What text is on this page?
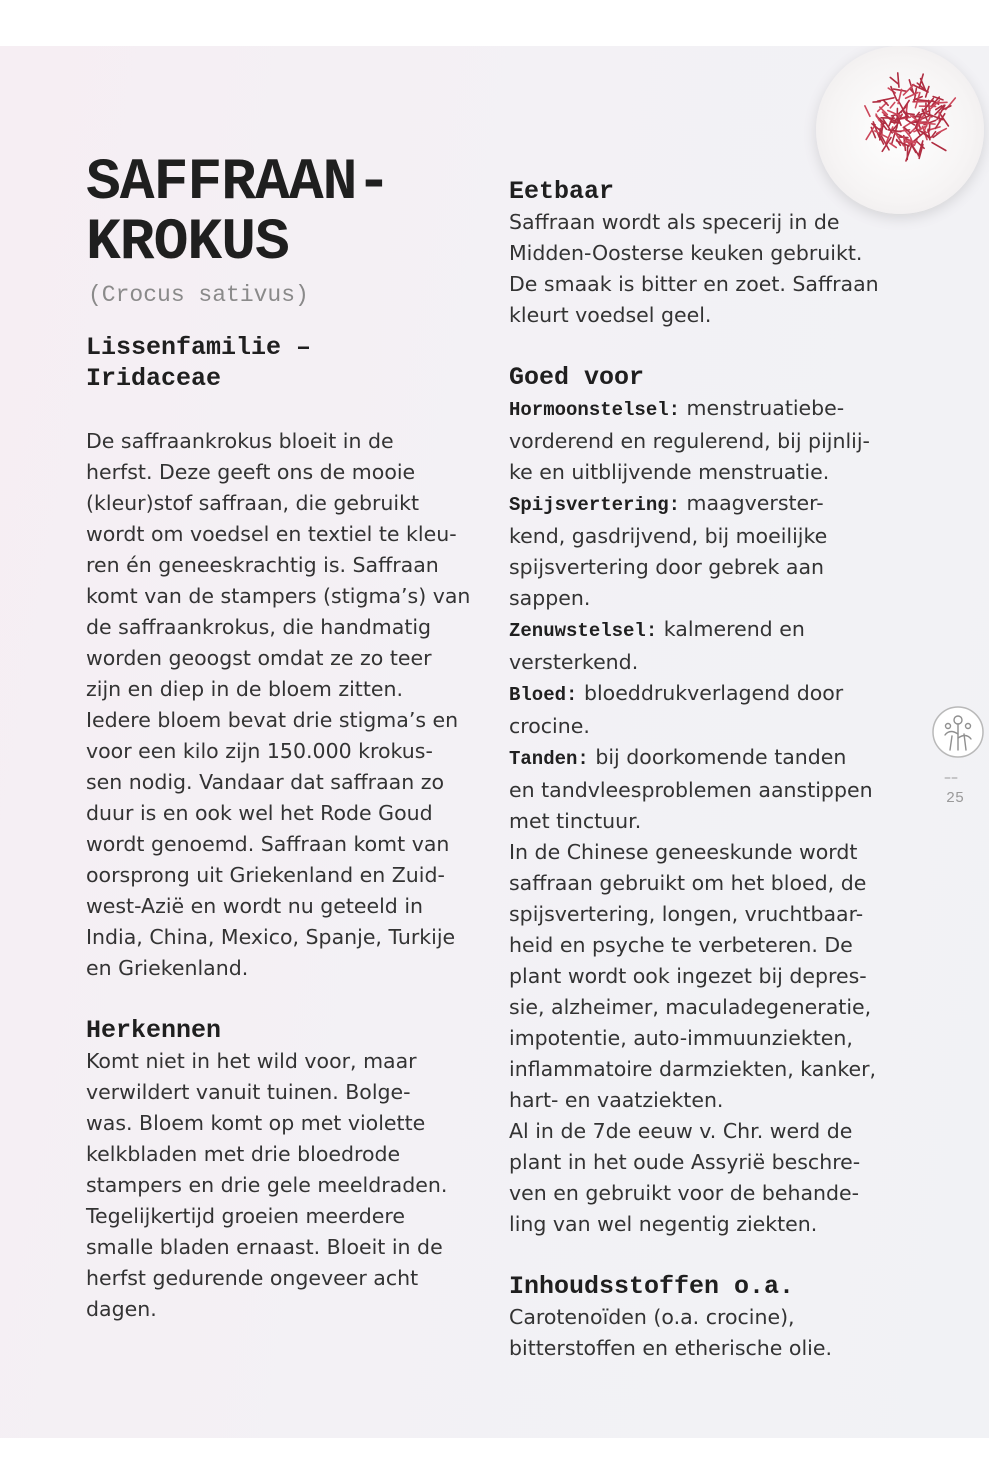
SAFFRAAN-
KROKUS
(Crocus sativus)
Lissenfamilie –
Iridaceae

De saffraankrokus bloeit in de

herfst. Deze geeft ons de mooie

(kleur)stof saffraan, die gebruikt

wordt om voedsel en textiel te kleu-

ren én geneeskrachtig is. Saffraan

komt van de stampers (stigma’s) van

de saffraankrokus, die handmatig

worden geoogst omdat ze zo teer

zijn en diep in de bloem zitten.

Iedere bloem bevat drie stigma’s en

voor een kilo zijn 150.000 krokus-

sen nodig. Vandaar dat saffraan zo

duur is en ook wel het Rode Goud

wordt genoemd. Saffraan komt van

oorsprong uit Griekenland en Zuid-

west-Azië en wordt nu geteeld in

India, China, Mexico, Spanje, Turkije

en Griekenland.

Herkennen

Komt niet in het wild voor, maar

verwildert vanuit tuinen. Bolge-

was. Bloem komt op met violette

kelkbladen met drie bloedrode

stampers en drie gele meeldraden.

Tegelijkertijd groeien meerdere

smalle bladen ernaast. Bloeit in de

herfst gedurende ongeveer acht

dagen.

Eetbaar

Saffraan wordt als specerij in de

Midden-Oosterse keuken gebruikt.

De smaak is bitter en zoet. Saffraan

kleurt voedsel geel.

Goed voor

Hormoonstelsel: menstruatiebe-

vorderend en regulerend, bij pijnlij-

ke en uitblijvende menstruatie.

Spijsvertering: maagverster-

kend, gasdrijvend, bij moeilijke

spijsvertering door gebrek aan

sappen.

Zenuwstelsel: kalmerend en

versterkend.

Bloed: bloeddrukverlagend door

crocine.

Tanden: bij doorkomende tanden

en tandvleesproblemen aanstippen

met tinctuur.

In de Chinese geneeskunde wordt

saffraan gebruikt om het bloed, de

spijsvertering, longen, vruchtbaar-

heid en psyche te verbeteren. De

plant wordt ook ingezet bij depres-

sie, alzheimer, maculadegeneratie,

impotentie, auto-immuunziekten,

inflammatoire darmziekten, kanker,

hart- en vaatziekten.

Al in de 7de eeuw v. Chr. werd de

plant in het oude Assyrië beschre-

ven en gebruikt voor de behande-

ling van wel negentig ziekten.

Inhoudsstoffen o.a.

Carotenoïden (o.a. crocine),

bitterstoffen en etherische olie.

––
25
